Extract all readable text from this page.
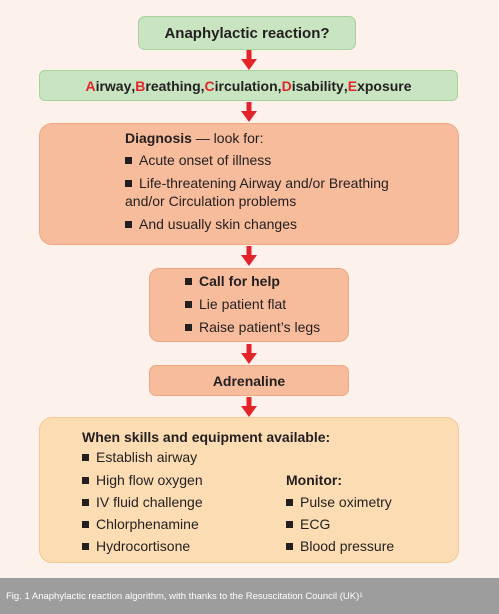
Anaphylactic reaction?
Airway , Breathing , Circulation , Disability , Exposure
Diagnosis — look for:
Acute onset of illness
Life-threatening Airway and/or Breathing
and/or Circulation problems
And usually skin changes
Call for help
Lie patient flat
Raise patient’s legs
Adrenaline
When skills and equipment available:
Establish airway
High flow oxygen
IV fluid challenge
Chlorphenamine
Hydrocortisone
Monitor:
Pulse oximetry
ECG
Blood pressure
Fig. 1 Anaphylactic reaction algorithm, with thanks to the Resuscitation Council (UK) 1
